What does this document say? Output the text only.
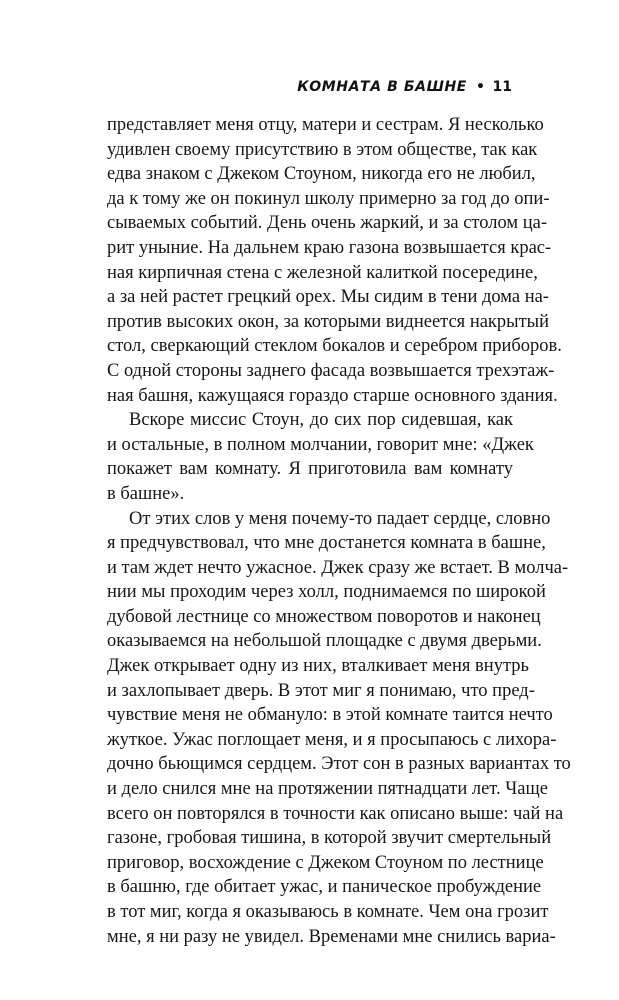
КОМНАТА В БАШНЕ • 11
представляет меня отцу, матери и сестрам. Я несколько
удивлен своему присутствию в этом обществе, так как
едва знаком с Джеком Стоуном, никогда его не любил,
да к тому же он покинул школу примерно за год до опи-
сываемых событий. День очень жаркий, и за столом ца-
рит уныние. На дальнем краю газона возвышается крас-
ная кирпичная стена с железной калиткой посередине,
а за ней растет грецкий орех. Мы сидим в тени дома на-
против высоких окон, за которыми виднеется накрытый
стол, сверкающий стеклом бокалов и серебром приборов.
С одной стороны заднего фасада возвышается трехэтаж-
ная башня, кажущаяся гораздо старше основного здания.
Вскоре миссис Стоун, до сих пор сидевшая, как
и остальные, в полном молчании, говорит мне: «Джек
покажет вам комнату. Я приготовила вам комнату
в башне».
От этих слов у меня почему-то падает сердце, словно
я предчувствовал, что мне достанется комната в башне,
и там ждет нечто ужасное. Джек сразу же встает. В молча-
нии мы проходим через холл, поднимаемся по широкой
дубовой лестнице со множеством поворотов и наконец
оказываемся на небольшой площадке с двумя дверьми.
Джек открывает одну из них, вталкивает меня внутрь
и захлопывает дверь. В этот миг я понимаю, что пред-
чувствие меня не обмануло: в этой комнате таится нечто
жуткое. Ужас поглощает меня, и я просыпаюсь с лихора-
дочно бьющимся сердцем. Этот сон в разных вариантах то
и дело снился мне на протяжении пятнадцати лет. Чаще
всего он повторялся в точности как описано выше: чай на
газоне, гробовая тишина, в которой звучит смертельный
приговор, восхождение с Джеком Стоуном по лестнице
в башню, где обитает ужас, и паническое пробуждение
в тот миг, когда я оказываюсь в комнате. Чем она грозит
мне, я ни разу не увидел. Временами мне снились вариа-
